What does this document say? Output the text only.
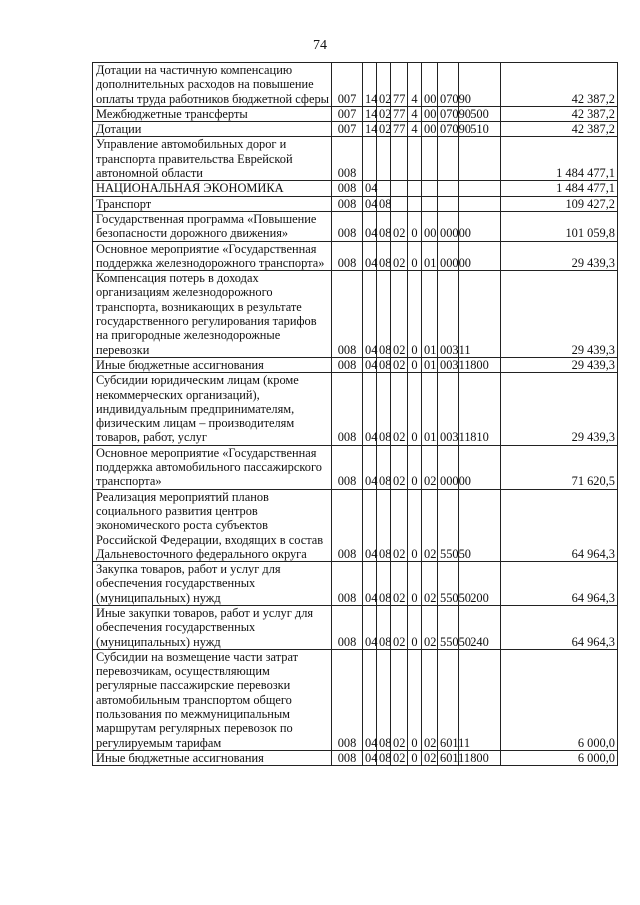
74
Дотации на частичную компенсацию дополнительных расходов на повышение оплаты труда работников бюджетной сферы	007	14	02	77	4	00	07090		42 387,2
Межбюджетные трансферты	007	14	02	77	4	00	07090	500	42 387,2
Дотации	007	14	02	77	4	00	07090	510	42 387,2
Управление автомобильных дорог и транспорта правительства Еврейской автономной области	008								1 484 477,1
НАЦИОНАЛЬНАЯ ЭКОНОМИКА	008	04							1 484 477,1
Транспорт	008	04	08						109 427,2
Государственная программа «Повышение безопасности дорожного движения»	008	04	08	02	0	00	00000		101 059,8
Основное мероприятие «Государственная поддержка железнодорожного транспорта»	008	04	08	02	0	01	00000		29 439,3
Компенсация потерь в доходах организациям железнодорожного транспорта, возникающих в результате государственного регулирования тарифов на пригородные железнодорожные перевозки	008	04	08	02	0	01	00311		29 439,3
Иные бюджетные ассигнования	008	04	08	02	0	01	00311	800	29 439,3
Субсидии юридическим лицам (кроме некоммерческих организаций), индивидуальным предпринимателям, физическим лицам – производителям товаров, работ, услуг	008	04	08	02	0	01	00311	810	29 439,3
Основное мероприятие «Государственная поддержка автомобильного пассажирского транспорта»	008	04	08	02	0	02	00000		71 620,5
Реализация мероприятий планов социального развития центров экономического роста субъектов Российской Федерации, входящих в состав Дальневосточного федерального округа	008	04	08	02	0	02	55050		64 964,3
Закупка товаров, работ и услуг для обеспечения государственных (муниципальных) нужд	008	04	08	02	0	02	55050	200	64 964,3
Иные закупки товаров, работ и услуг для обеспечения государственных (муниципальных) нужд	008	04	08	02	0	02	55050	240	64 964,3
Субсидии на возмещение части затрат перевозчикам, осуществляющим регулярные пассажирские перевозки автомобильным транспортом общего пользования по межмуниципальным маршрутам регулярных перевозок по регулируемым тарифам	008	04	08	02	0	02	60111		6 000,0
Иные бюджетные ассигнования	008	04	08	02	0	02	60111	800	6 000,0
